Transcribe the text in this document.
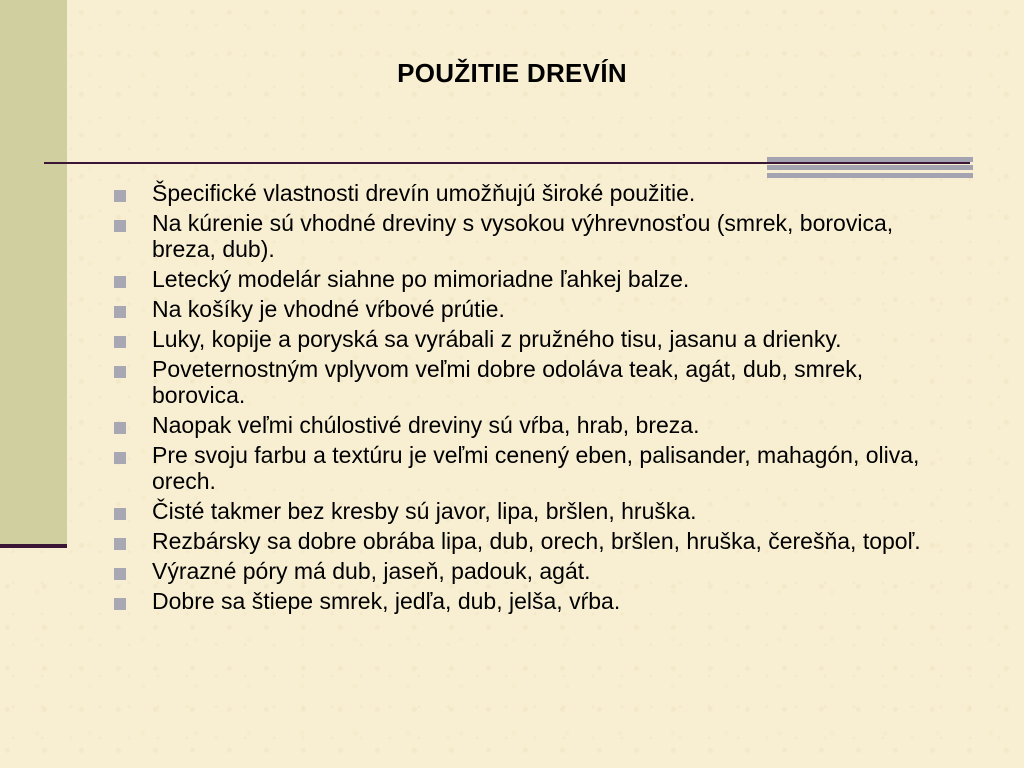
POUŽITIE DREVÍN
Špecifické vlastnosti drevín umožňujú široké použitie.
Na kúrenie sú vhodné dreviny s vysokou výhrevnosťou (smrek, borovica, breza, dub).
Letecký modelár siahne po mimoriadne ľahkej balze.
Na košíky je vhodné vŕbové prútie.
Luky, kopije a poryská sa vyrábali z pružného tisu, jasanu a drienky.
Poveternostným vplyvom veľmi dobre odoláva teak, agát, dub, smrek, borovica.
Naopak veľmi chúlostivé dreviny sú vŕba, hrab, breza.
Pre svoju farbu a textúru je veľmi cenený eben, palisander, mahagón, oliva, orech.
Čisté takmer bez kresby sú javor, lipa, bršlen, hruška.
Rezbársky sa dobre obrába lipa, dub, orech, bršlen, hruška, čerešňa, topoľ.
Výrazné póry má dub, jaseň, padouk, agát.
Dobre sa štiepe smrek, jedľa, dub, jelša, vŕba.
